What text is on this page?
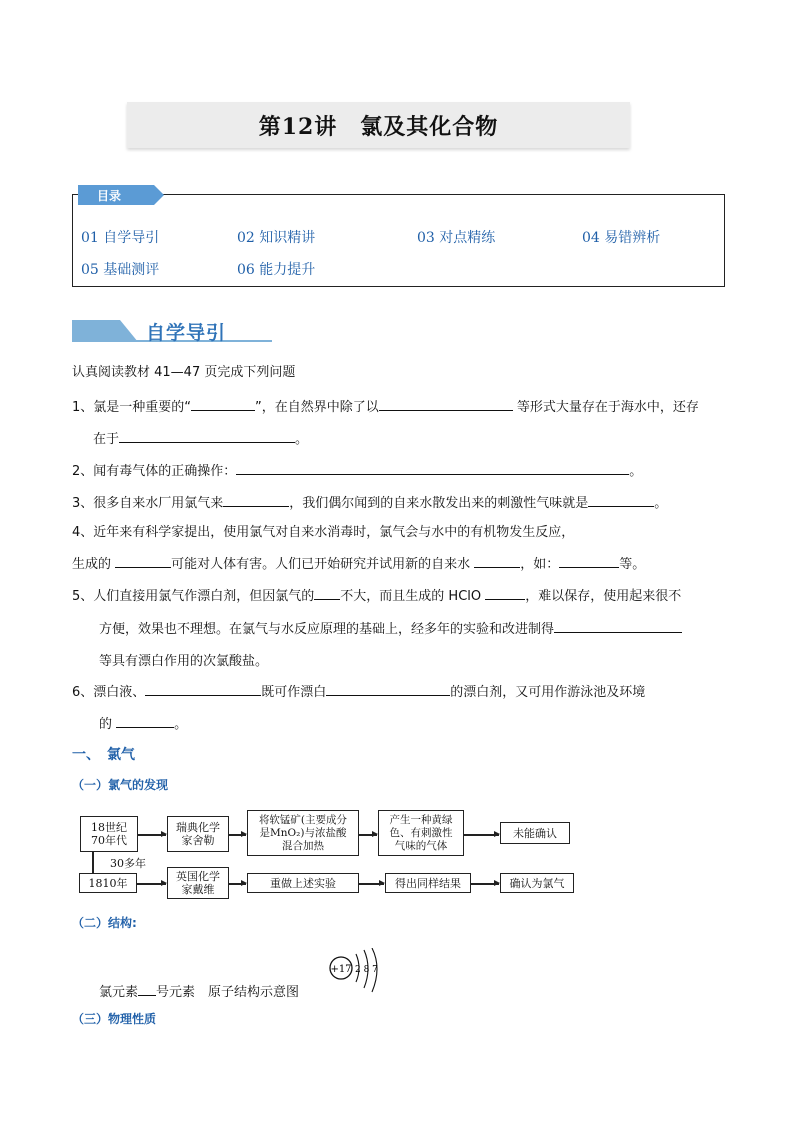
第12讲　氯及其化合物
目录
01 自学导引	02 知识精讲	03 对点精练	04 易错辨析
05 基础测评	06 能力提升
自学导引
认真阅读教材 41—47 页完成下列问题
1、氯是一种重要的“	”，在自然界中除了以	等形式大量存在于海水中，还存
在于	。
2、闻有毒气体的正确操作：	。
3、很多自来水厂用氯气来	，我们偶尔闻到的自来水散发出来的刺激性气味就是	。
4、近年来有科学家提出，使用氯气对自来水消毒时，氯气会与水中的有机物发生反应，
生成的	可能对人体有害。人们已开始研究并试用新的自来水	，如：	等。
5、人们直接用氯气作漂白剂，但因氯气的 不大，而且生成的 HClO	，难以保存，使用起来很不
方便，效果也不理想。在氯气与水反应原理的基础上，经多年的实验和改进制得
等具有漂白作用的次氯酸盐。
6、漂白液、	既可作漂白	的漂白剂，又可用作游泳池及环境
的	。
一、　氯气
（一）氯气的发现
18世纪
70年代
瑞典化学
家舍勒
将软锰矿(主要成分
是MnO₂)与浓盐酸
混合加热
产生一种黄绿
色、有刺激性
气味的气体
未能确认
30多年
1810年	英国化学
家戴维	重做上述实验	得出同样结果	确认为氯气
（二）结构:
+17 2 8 7
氯元素 号元素　原子结构示意图
（三）物理性质
